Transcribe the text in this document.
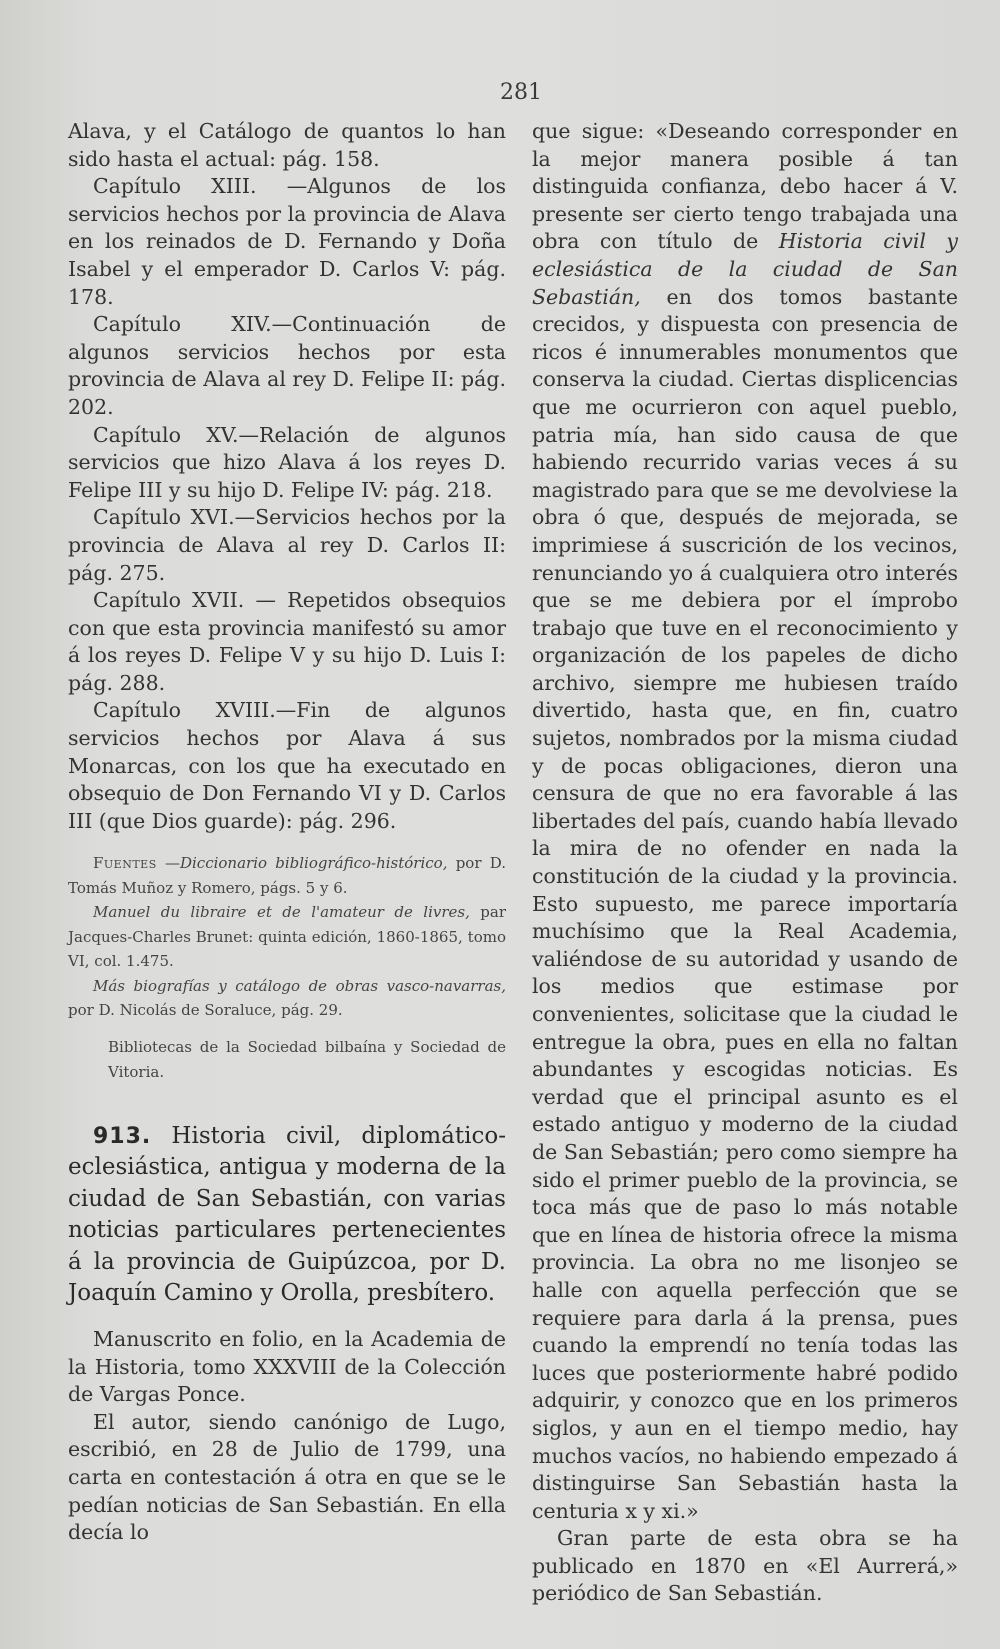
281

Alava, y el Catálogo de quantos lo han sido hasta el actual: pág. 158.

Capítulo XIII. —Algunos de los servicios hechos por la provincia de Alava en los reinados de D. Fernando y Doña Isabel y el emperador D. Carlos V: pág. 178.

Capítulo XIV.—Continuación de algunos servicios hechos por esta provincia de Alava al rey D. Felipe II: pág. 202.

Capítulo XV.—Relación de algunos servicios que hizo Alava á los reyes D. Felipe III y su hijo D. Felipe IV: pág. 218.

Capítulo XVI.—Servicios hechos por la provincia de Alava al rey D. Carlos II: pág. 275.

Capítulo XVII. — Repetidos obsequios con que esta provincia manifestó su amor á los reyes D. Felipe V y su hijo D. Luis I: pág. 288.

Capítulo XVIII.—Fin de algunos servicios hechos por Alava á sus Monarcas, con los que ha executado en obsequio de Don Fernando VI y D. Carlos III (que Dios guarde): pág. 296.

Fuentes —Diccionario bibliográfico-histórico, por D. Tomás Muñoz y Romero, págs. 5 y 6.

Manuel du libraire et de l'amateur de livres, par Jacques-Charles Brunet: quinta edición, 1860-1865, tomo VI, col. 1.475.

Más biografías y catálogo de obras vasco-navarras, por D. Nicolás de Soraluce, pág. 29.

Bibliotecas de la Sociedad bilbaína y Sociedad de Vitoria.

913. Historia civil, diplomático-eclesiástica, antigua y moderna de la ciudad de San Sebastián, con varias noticias particulares pertenecientes á la provincia de Guipúzcoa, por D. Joaquín Camino y Orolla, presbítero.

Manuscrito en folio, en la Academia de la Historia, tomo XXXVIII de la Colección de Vargas Ponce.

El autor, siendo canónigo de Lugo, escribió, en 28 de Julio de 1799, una carta en contestación á otra en que se le pedían noticias de San Sebastián. En ella decía lo

que sigue: «Deseando corresponder en la mejor manera posible á tan distinguida confianza, debo hacer á V. presente ser cierto tengo trabajada una obra con título de Historia civil y eclesiástica de la ciudad de San Sebastián, en dos tomos bastante crecidos, y dispuesta con presencia de ricos é innumerables monumentos que conserva la ciudad. Ciertas displicencias que me ocurrieron con aquel pueblo, patria mía, han sido causa de que habiendo recurrido varias veces á su magistrado para que se me devolviese la obra ó que, después de mejorada, se imprimiese á suscrición de los vecinos, renunciando yo á cualquiera otro interés que se me debiera por el ímprobo trabajo que tuve en el reconocimiento y organización de los papeles de dicho archivo, siempre me hubiesen traído divertido, hasta que, en fin, cuatro sujetos, nombrados por la misma ciudad y de pocas obligaciones, dieron una censura de que no era favorable á las libertades del país, cuando había llevado la mira de no ofender en nada la constitución de la ciudad y la provincia. Esto supuesto, me parece importaría muchísimo que la Real Academia, valiéndose de su autoridad y usando de los medios que estimase por convenientes, solicitase que la ciudad le entregue la obra, pues en ella no faltan abundantes y escogidas noticias. Es verdad que el principal asunto es el estado antiguo y moderno de la ciudad de San Sebastián; pero como siempre ha sido el primer pueblo de la provincia, se toca más que de paso lo más notable que en línea de historia ofrece la misma provincia. La obra no me lisonjeo se halle con aquella perfección que se requiere para darla á la prensa, pues cuando la emprendí no tenía todas las luces que posteriormente habré podido adquirir, y conozco que en los primeros siglos, y aun en el tiempo medio, hay muchos vacíos, no habiendo empezado á distinguirse San Sebastián hasta la centuria x y xi.»

Gran parte de esta obra se ha publicado en 1870 en «El Aurrerá,» periódico de San Sebastián.
